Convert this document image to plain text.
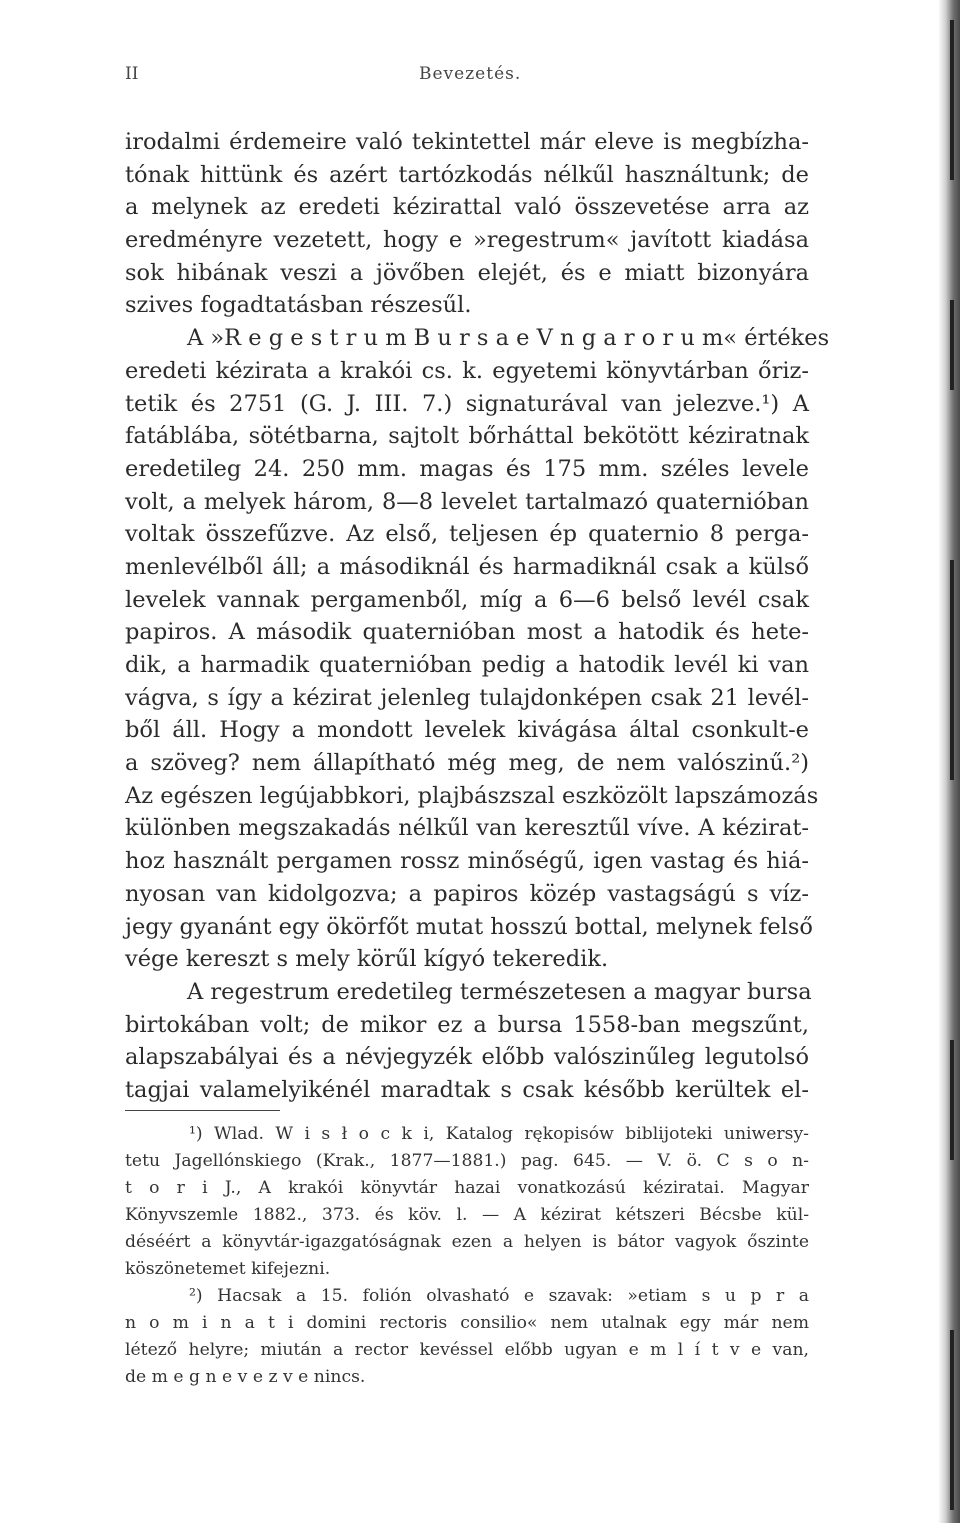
II	Bevezetés.
irodalmi érdemeire való tekintettel már eleve is megbízha-
tónak hittünk és azért tartózkodás nélkűl használtunk; de
a melynek az eredeti kézirattal való összevetése arra az
eredményre vezetett, hogy e »regestrum« javított kiadása
sok hibának veszi a jövőben elejét, és e miatt bizonyára
szives fogadtatásban részesűl.
A »R e g e s t r u m B u r s a e V n g a r o r u m« értékes
eredeti kézirata a krakói cs. k. egyetemi könyvtárban őriz-
tetik és 2751 (G. J. III. 7.) signaturával van jelezve.¹) A
fatáblába, sötétbarna, sajtolt bőrháttal bekötött kéziratnak
eredetileg 24. 250 mm. magas és 175 mm. széles levele
volt, a melyek három, 8—8 levelet tartalmazó quaternióban
voltak összefűzve. Az első, teljesen ép quaternio 8 perga-
menlevélből áll; a másodiknál és harmadiknál csak a külső
levelek vannak pergamenből, míg a 6—6 belső levél csak
papiros. A második quaternióban most a hatodik és hete-
dik, a harmadik quaternióban pedig a hatodik levél ki van
vágva, s így a kézirat jelenleg tulajdonképen csak 21 levél-
ből áll. Hogy a mondott levelek kivágása által csonkult-e
a szöveg? nem állapítható még meg, de nem valószinű.²)
Az egészen legújabbkori, plajbászszal eszközölt lapszámozás
különben megszakadás nélkűl van keresztűl víve. A kézirat-
hoz használt pergamen rossz minőségű, igen vastag és hiá-
nyosan van kidolgozva; a papiros közép vastagságú s víz-
jegy gyanánt egy ökörfőt mutat hosszú bottal, melynek felső
vége kereszt s mely körűl kígyó tekeredik.
A regestrum eredetileg természetesen a magyar bursa
birtokában volt; de mikor ez a bursa 1558-ban megszűnt,
alapszabályai és a névjegyzék előbb valószinűleg legutolsó
tagjai valamelyikénél maradtak s csak később kerültek el-
¹) Wlad. W i s ł o c k i, Katalog rękopisów biblijoteki uniwersy-
tetu Jagellónskiego (Krak., 1877—1881.) pag. 645. — V. ö. C s o n-
t o r i J., A krakói könyvtár hazai vonatkozású kéziratai. Magyar
Könyvszemle 1882., 373. és köv. l. — A kézirat kétszeri Bécsbe kül-
déséért a könyvtár-igazgatóságnak ezen a helyen is bátor vagyok őszinte
köszönetemet kifejezni.
²) Hacsak a 15. folión olvasható e szavak: »etiam s u p r a
n o m i n a t i domini rectoris consilio« nem utalnak egy már nem
létező helyre; miután a rector kevéssel előbb ugyan e m l í t v e van,
de m e g n e v e z v e nincs.
